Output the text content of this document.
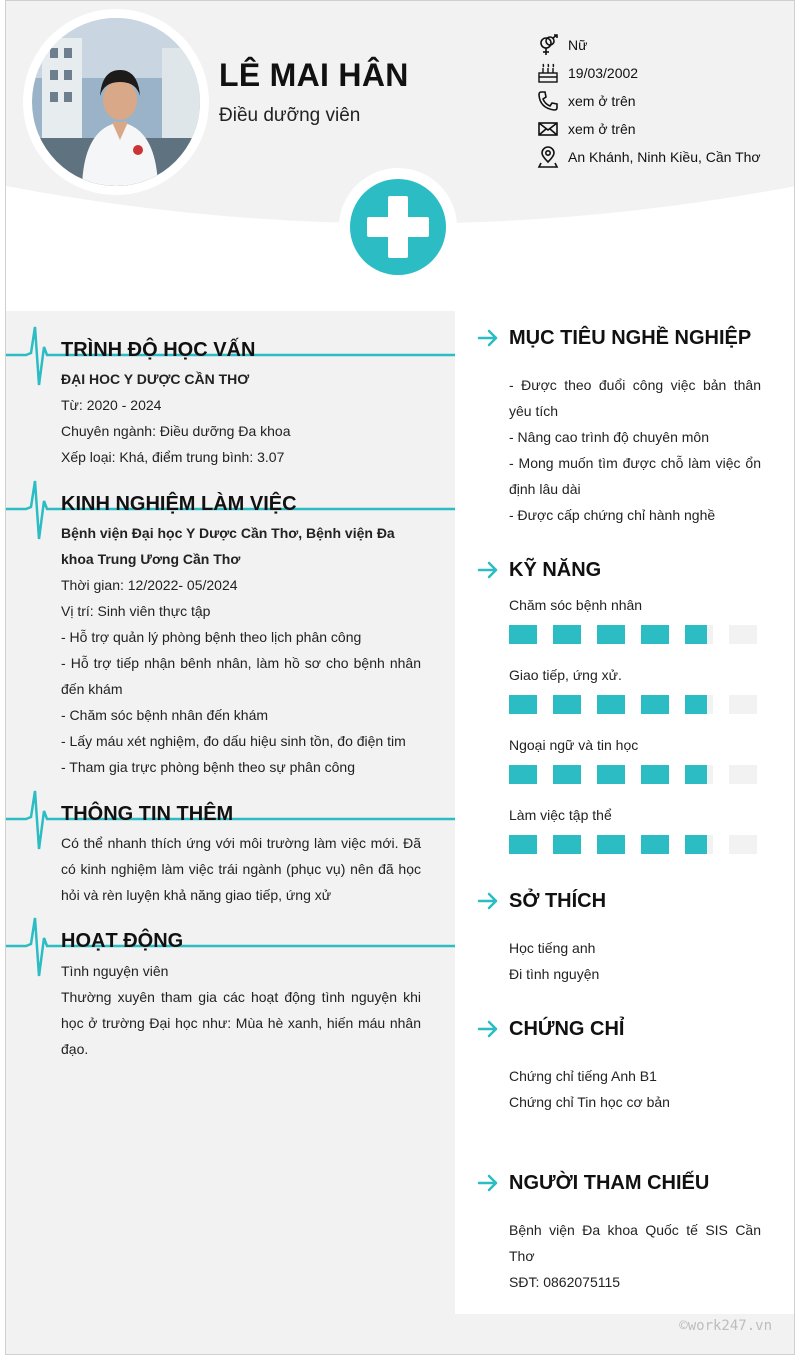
LÊ MAI HÂN
Điều dưỡng viên
Nữ
19/03/2002
xem ở trên
xem ở trên
An Khánh, Ninh Kiều, Cần Thơ
TRÌNH ĐỘ HỌC VẤN
ĐẠI HOC Y DƯỢC CẦN THƠ
Từ: 2020 - 2024
Chuyên ngành: Điều dưỡng Đa khoa
Xếp loại: Khá, điểm trung bình: 3.07
KINH NGHIỆM LÀM VIỆC
Bệnh viện Đại học Y Dược Cần Thơ, Bệnh viện Đa khoa Trung Ương Cần Thơ
Thời gian: 12/2022- 05/2024
Vị trí: Sinh viên thực tập
- Hỗ trợ quản lý phòng bệnh theo lịch phân công
- Hỗ trợ tiếp nhận bênh nhân, làm hồ sơ cho bệnh nhân đến khám
- Chăm sóc bệnh nhân đến khám
- Lấy máu xét nghiệm, đo dấu hiệu sinh tồn, đo điện tim
- Tham gia trực phòng bệnh theo sự phân công
THÔNG TIN THÊM
Có thể nhanh thích ứng với môi trường làm việc mới. Đã có kinh nghiệm làm việc trái ngành (phục vụ) nên đã học hỏi và rèn luyện khả năng giao tiếp, ứng xử
HOẠT ĐỘNG
Tình nguyện viên
Thường xuyên tham gia các hoạt động tình nguyện khi học ở trường Đại học như: Mùa hè xanh, hiến máu nhân đạo.
MỤC TIÊU NGHỀ NGHIỆP
- Được theo đuổi công việc bản thân yêu tích
- Nâng cao trình độ chuyên môn
- Mong muốn tìm được chỗ làm việc ổn định lâu dài
- Được cấp chứng chỉ hành nghề
KỸ NĂNG
Chăm sóc bệnh nhân
Giao tiếp, ứng xử.
Ngoại ngữ và tin học
Làm việc tập thể
SỞ THÍCH
Học tiếng anh
Đi tình nguyện
CHỨNG CHỈ
Chứng chỉ tiếng Anh B1
Chứng chỉ Tin học cơ bản
NGƯỜI THAM CHIẾU
Bệnh viện Đa khoa Quốc tế SIS Cần Thơ
SĐT: 0862075115
©work247.vn
